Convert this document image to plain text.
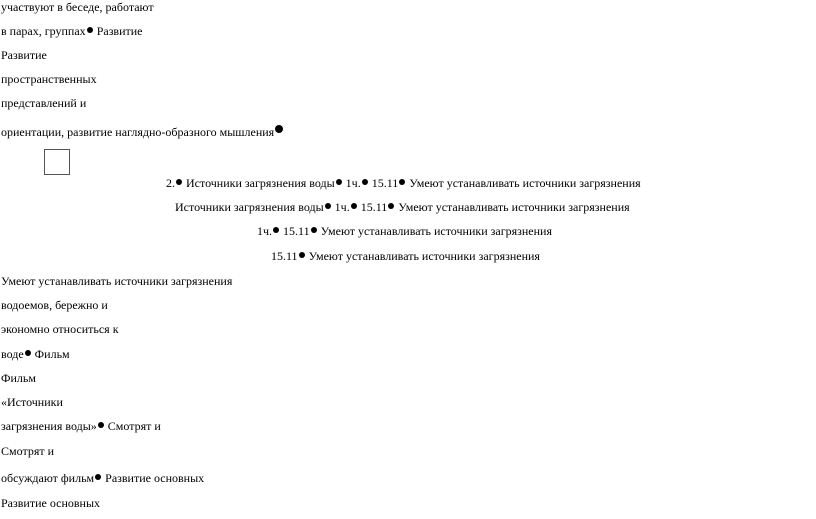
участвуют в беседе, работают
в парах, группах Развитие
Развитие
пространственных
представлений и
ориентации, развитие наглядно-образного мышления
2. Источники загрязнения воды 1ч. 15.11 Умеют устанавливать источники загрязнения
Источники загрязнения воды 1ч. 15.11 Умеют устанавливать источники загрязнения
1ч. 15.11 Умеют устанавливать источники загрязнения
15.11 Умеют устанавливать источники загрязнения
Умеют устанавливать источники загрязнения
водоемов, бережно и
экономно относиться к
воде Фильм
Фильм
«Источники
загрязнения воды» Смотрят и
Смотрят и
обсуждают фильм Развитие основных
Развитие основных
